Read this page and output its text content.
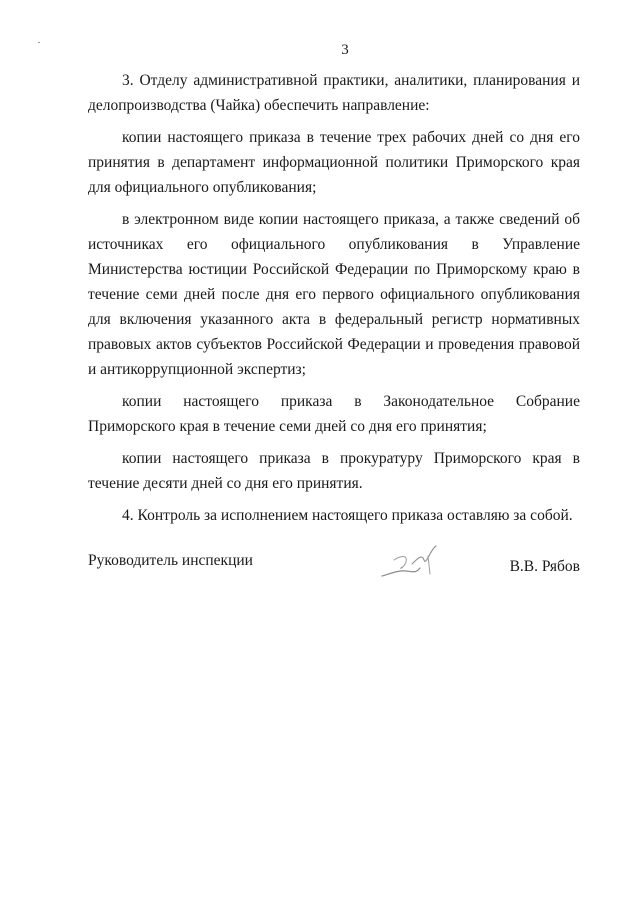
3

3. Отделу административной практики, аналитики, планирования и делопроизводства (Чайка) обеспечить направление:

копии настоящего приказа в течение трех рабочих дней со дня его принятия в департамент информационной политики Приморского края для официального опубликования;

в электронном виде копии настоящего приказа, а также сведений об источниках его официального опубликования в Управление Министерства юстиции Российской Федерации по Приморскому краю в течение семи дней после дня его первого официального опубликования для включения указанного акта в федеральный регистр нормативных правовых актов субъектов Российской Федерации и проведения правовой и антикоррупционной экспертиз;

копии настоящего приказа в Законодательное Собрание Приморского края в течение семи дней со дня его принятия;

копии настоящего приказа в прокуратуру Приморского края в течение десяти дней со дня его принятия.

4. Контроль за исполнением настоящего приказа оставляю за собой.

Руководитель инспекции	В.В. Рябов
